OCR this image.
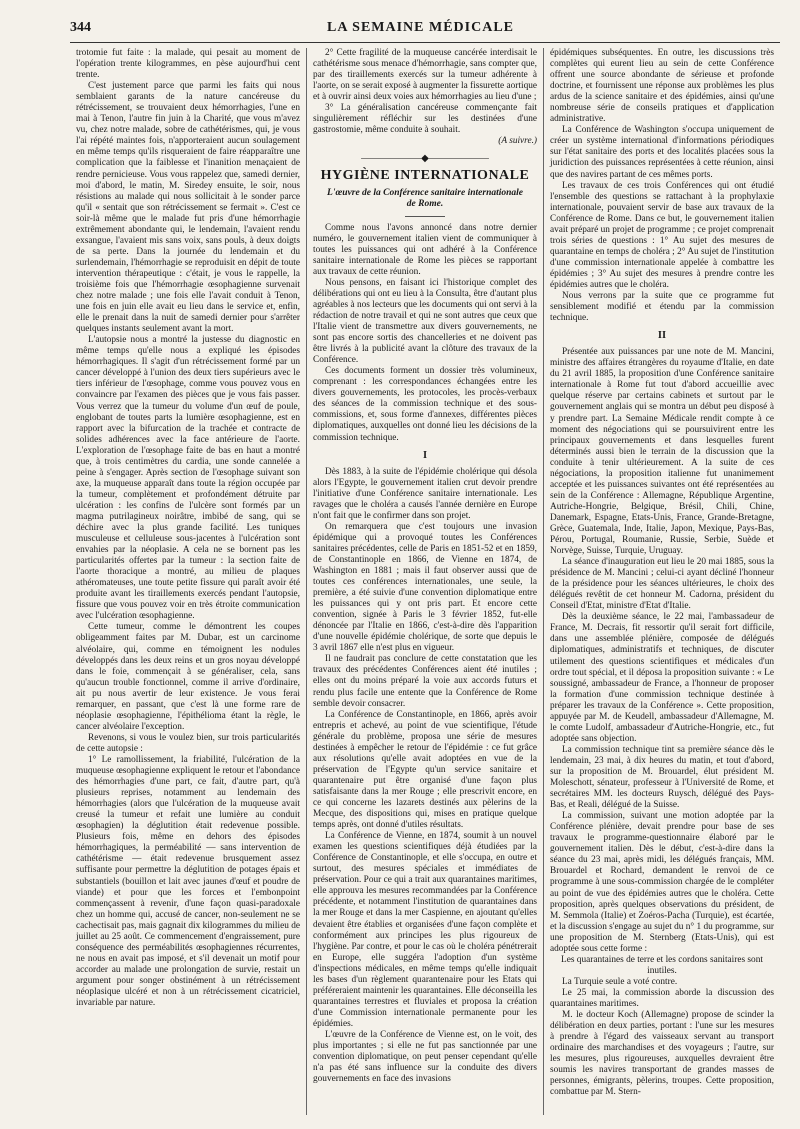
344	LA SEMAINE MÉDICALE

trotomie fut faite : la malade, qui pesait au moment de l'opération trente kilogrammes, en pèse aujourd'hui cent trente.

C'est justement parce que parmi les faits qui nous semblaient garants de la nature cancéreuse du rétrécissement, se trouvaient deux hémorrhagies, l'une en mai à Tenon, l'autre fin juin à la Charité, que vous m'avez vu, chez notre malade, sobre de cathétérismes, qui, je vous l'ai répété maintes fois, n'apporteraient aucun soulagement en même temps qu'ils risqueraient de faire réapparaître une complication que la faiblesse et l'inanition menaçaient de rendre pernicieuse. Vous vous rappelez que, samedi dernier, moi d'abord, le matin, M. Siredey ensuite, le soir, nous résistions au malade qui nous sollicitait à le sonder parce qu'il « sentait que son rétrécissement se fermait ». C'est ce soir-là même que le malade fut pris d'une hémorrhagie extrêmement abondante qui, le lendemain, l'avaient rendu exsangue, l'avaient mis sans voix, sans pouls, à deux doigts de sa perte. Dans la journée du lendemain et du surlendemain, l'hémorrhagie se reproduisit en dépit de toute intervention thérapeutique : c'était, je vous le rappelle, la troisième fois que l'hémorrhagie œsophagienne survenait chez notre malade ; une fois elle l'avait conduit à Tenon, une fois en juin elle avait eu lieu dans le service et, enfin, elle le prenait dans la nuit de samedi dernier pour s'arrêter quelques instants seulement avant la mort.

L'autopsie nous a montré la justesse du diagnostic en même temps qu'elle nous a expliqué les épisodes hémorrhagiques. Il s'agit d'un rétrécissement formé par un cancer développé à l'union des deux tiers supérieurs avec le tiers inférieur de l'œsophage, comme vous pouvez vous en convaincre par l'examen des pièces que je vous fais passer. Vous verrez que la tumeur du volume d'un œuf de poule, englobant de toutes parts la lumière œsophagienne, est en rapport avec la bifurcation de la trachée et contracte de solides adhérences avec la face antérieure de l'aorte. L'exploration de l'œsophage faite de bas en haut a montré que, à trois centimètres du cardia, une sonde cannelée a peine à s'engager. Après section de l'œsophage suivant son axe, la muqueuse apparaît dans toute la région occupée par la tumeur, complètement et profondément détruite par ulcération : les confins de l'ulcère sont formés par un magma putrilagineux noirâtre, imbibé de sang, qui se déchire avec la plus grande facilité. Les tuniques musculeuse et celluleuse sous-jacentes à l'ulcération sont envahies par la néoplasie. A cela ne se bornent pas les particularités offertes par la tumeur : la section faite de l'aorte thoracique a montré, au milieu de plaques athéromateuses, une toute petite fissure qui paraît avoir été produite avant les tiraillements exercés pendant l'autopsie, fissure que vous pouvez voir en très étroite communication avec l'ulcération œsophagienne.

Cette tumeur, comme le démontrent les coupes obligeamment faites par M. Dubar, est un carcinome alvéolaire, qui, comme en témoignent les nodules développés dans les deux reins et un gros noyau développé dans le foie, commençait à se généraliser, cela, sans qu'aucun trouble fonctionnel, comme il arrive d'ordinaire, ait pu nous avertir de leur existence. Je vous ferai remarquer, en passant, que c'est là une forme rare de néoplasie œsophagienne, l'épithélioma étant la règle, le cancer alvéolaire l'exception.

Revenons, si vous le voulez bien, sur trois particularités de cette autopsie :

1° Le ramollissement, la friabilité, l'ulcération de la muqueuse œsophagienne expliquent le retour et l'abondance des hémorrhagies d'une part, ce fait, d'autre part, qu'à plusieurs reprises, notamment au lendemain des hémorrhagies (alors que l'ulcération de la muqueuse avait creusé la tumeur et refait une lumière au conduit œsophagien) la déglutition était redevenue possible. Plusieurs fois, même en dehors des épisodes hémorrhagiques, la perméabilité — sans intervention de cathétérisme — était redevenue brusquement assez suffisante pour permettre la déglutition de potages épais et substantiels (bouillon et lait avec jaunes d'œuf et poudre de viande) et pour que les forces et l'embonpoint commençassent à revenir, d'une façon quasi-paradoxale chez un homme qui, accusé de cancer, non-seulement ne se cachectisait pas, mais gagnait dix kilogrammes du milieu de juillet au 25 août. Ce commencement d'engraissement, pure conséquence des perméabilités œsophagiennes récurrentes, ne nous en avait pas imposé, et s'il devenait un motif pour accorder au malade une prolongation de survie, restait un argument pour songer obstinément à un rétrécissement néoplasique ulcéré et non à un rétrécissement cicatriciel, invariable par nature.

2° Cette fragilité de la muqueuse cancérée interdisait le cathétérisme sous menace d'hémorrhagie, sans compter que, par des tiraillements exercés sur la tumeur adhérente à l'aorte, on se serait exposé à augmenter la fissurette aortique et à ouvrir ainsi deux voies aux hémorrhagies au lieu d'une ;

3° La généralisation cancéreuse commençante fait singulièrement réfléchir sur les destinées d'une gastrostomie, même conduite à souhait.

(A suivre.)

——————◆——————
HYGIÈNE INTERNATIONALE
L'œuvre de la Conférence sanitaire internationale de Rome.

Comme nous l'avons annoncé dans notre dernier numéro, le gouvernement italien vient de communiquer à toutes les puissances qui ont adhéré à la Conférence sanitaire internationale de Rome les pièces se rapportant aux travaux de cette réunion.

Nous pensons, en faisant ici l'historique complet des délibérations qui ont eu lieu à la Consulta, être d'autant plus agréables à nos lecteurs que les documents qui ont servi à la rédaction de notre travail et qui ne sont autres que ceux que l'Italie vient de transmettre aux divers gouvernements, ne sont pas encore sortis des chancelleries et ne doivent pas être livrés à la publicité avant la clôture des travaux de la Conférence.

Ces documents forment un dossier très volumineux, comprenant : les correspondances échangées entre les divers gouvernements, les protocoles, les procès-verbaux des séances de la commission technique et des sous-commissions, et, sous forme d'annexes, différentes pièces diplomatiques, auxquelles ont donné lieu les décisions de la commission technique.

I

Dès 1883, à la suite de l'épidémie cholérique qui désola alors l'Egypte, le gouvernement italien crut devoir prendre l'initiative d'une Conférence sanitaire internationale. Les ravages que le choléra a causés l'année dernière en Europe n'ont fait que le confirmer dans son projet.

On remarquera que c'est toujours une invasion épidémique qui a provoqué toutes les Conférences sanitaires précédentes, celle de Paris en 1851-52 et en 1859, de Constantinople en 1866, de Vienne en 1874, de Washington en 1881 ; mais il faut observer aussi que de toutes ces conférences internationales, une seule, la première, a été suivie d'une convention diplomatique entre les puissances qui y ont pris part. Et encore cette convention, signée à Paris le 3 février 1852, fut-elle dénoncée par l'Italie en 1866, c'est-à-dire dès l'apparition d'une nouvelle épidémie cholérique, de sorte que depuis le 3 avril 1867 elle n'est plus en vigueur.

Il ne faudrait pas conclure de cette constatation que les travaux des précédentes Conférences aient été inutiles ; elles ont du moins préparé la voie aux accords futurs et rendu plus facile une entente que la Conférence de Rome semble devoir consacrer.

La Conférence de Constantinople, en 1866, après avoir entrepris et achevé, au point de vue scientifique, l'étude générale du problème, proposa une série de mesures destinées à empêcher le retour de l'épidémie : ce fut grâce aux résolutions qu'elle avait adoptées en vue de la préservation de l'Egypte qu'un service sanitaire et quarantenaire put être organisé d'une façon plus satisfaisante dans la mer Rouge ; elle prescrivit encore, en ce qui concerne les lazarets destinés aux pèlerins de la Mecque, des dispositions qui, mises en pratique quelque temps après, ont donné d'utiles résultats.

La Conférence de Vienne, en 1874, soumit à un nouvel examen les questions scientifiques déjà étudiées par la Conférence de Constantinople, et elle s'occupa, en outre et surtout, des mesures spéciales et immédiates de préservation. Pour ce qui a trait aux quarantaines maritimes, elle approuva les mesures recommandées par la Conférence précédente, et notamment l'institution de quarantaines dans la mer Rouge et dans la mer Caspienne, en ajoutant qu'elles devaient être établies et organisées d'une façon complète et conformément aux principes les plus rigoureux de l'hygiène. Par contre, et pour le cas où le choléra pénétrerait en Europe, elle suggéra l'adoption d'un système d'inspections médicales, en même temps qu'elle indiquait les bases d'un règlement quarantenaire pour les Etats qui préféreraient maintenir les quarantaines. Elle déconseilla les quarantaines terrestres et fluviales et proposa la création d'une Commission internationale permanente pour les épidémies.

L'œuvre de la Conférence de Vienne est, on le voit, des plus importantes ; si elle ne fut pas sanctionnée par une convention diplomatique, on peut penser cependant qu'elle n'a pas été sans influence sur la conduite des divers gouvernements en face des invasions

épidémiques subséquentes. En outre, les discussions très complètes qui eurent lieu au sein de cette Conférence offrent une source abondante de sérieuse et profonde doctrine, et fournissent une réponse aux problèmes les plus ardus de la science sanitaire et des épidémies, ainsi qu'une nombreuse série de conseils pratiques et d'application administrative.

La Conférence de Washington s'occupa uniquement de créer un système international d'informations périodiques sur l'état sanitaire des ports et des localités placées sous la juridiction des puissances représentées à cette réunion, ainsi que des navires partant de ces mêmes ports.

Les travaux de ces trois Conférences qui ont étudié l'ensemble des questions se rattachant à la prophylaxie internationale, pouvaient servir de base aux travaux de la Conférence de Rome. Dans ce but, le gouvernement italien avait préparé un projet de programme ; ce projet comprenait trois séries de questions : 1° Au sujet des mesures de quarantaine en temps de choléra ; 2° Au sujet de l'institution d'une commission internationale appelée à combattre les épidémies ; 3° Au sujet des mesures à prendre contre les épidémies autres que le choléra.

Nous verrons par la suite que ce programme fut sensiblement modifié et étendu par la commission technique.

II

Présentée aux puissances par une note de M. Mancini, ministre des affaires étrangères du royaume d'Italie, en date du 21 avril 1885, la proposition d'une Conférence sanitaire internationale à Rome fut tout d'abord accueillie avec quelque réserve par certains cabinets et surtout par le gouvernement anglais qui se montra un début peu disposé à y prendre part. La Semaine Médicale rendit compte à ce moment des négociations qui se poursuivirent entre les principaux gouvernements et dans lesquelles furent déterminés aussi bien le terrain de la discussion que la conduite à tenir ultérieurement. A la suite de ces négociations, la proposition italienne fut unanimement acceptée et les puissances suivantes ont été représentées au sein de la Conférence : Allemagne, République Argentine, Autriche-Hongrie, Belgique, Brésil, Chili, Chine, Danemark, Espagne, Etats-Unis, France, Grande-Bretagne, Grèce, Guatemala, Inde, Italie, Japon, Mexique, Pays-Bas, Pérou, Portugal, Roumanie, Russie, Serbie, Suède et Norvège, Suisse, Turquie, Uruguay.

La séance d'inauguration eut lieu le 20 mai 1885, sous la présidence de M. Mancini ; celui-ci ayant décliné l'honneur de la présidence pour les séances ultérieures, le choix des délégués revêtit de cet honneur M. Cadorna, président du Conseil d'Etat, ministre d'Etat d'Italie.

Dès la deuxième séance, le 22 mai, l'ambassadeur de France, M. Decrais, fit ressortir qu'il serait fort difficile, dans une assemblée plénière, composée de délégués diplomatiques, administratifs et techniques, de discuter utilement des questions scientifiques et médicales d'un ordre tout spécial, et il déposa la proposition suivante : « Le soussigné, ambassadeur de France, a l'honneur de proposer la formation d'une commission technique destinée à préparer les travaux de la Conférence ». Cette proposition, appuyée par M. de Keudell, ambassadeur d'Allemagne, M. le comte Ludolf, ambassadeur d'Autriche-Hongrie, etc., fut adoptée sans objection.

La commission technique tint sa première séance dès le lendemain, 23 mai, à dix heures du matin, et tout d'abord, sur la proposition de M. Brouardel, élut président M. Moleschott, sénateur, professeur à l'Université de Rome, et secrétaires MM. les docteurs Ruysch, délégué des Pays-Bas, et Reali, délégué de la Suisse.

La commission, suivant une motion adoptée par la Conférence plénière, devait prendre pour base de ses travaux le programme-questionnaire élaboré par le gouvernement italien. Dès le début, c'est-à-dire dans la séance du 23 mai, après midi, les délégués français, MM. Brouardel et Rochard, demandent le renvoi de ce programme à une sous-commission chargée de le compléter au point de vue des épidémies autres que le choléra. Cette proposition, après quelques observations du président, de M. Semmola (Italie) et Zoéros-Pacha (Turquie), est écartée, et la discussion s'engage au sujet du n° 1 du programme, sur une proposition de M. Sternberg (Etats-Unis), qui est adoptée sous cette forme :

Les quarantaines de terre et les cordons sanitaires sont inutiles.

La Turquie seule a voté contre.

Le 25 mai, la commission aborde la discussion des quarantaines maritimes.

M. le docteur Koch (Allemagne) propose de scinder la délibération en deux parties, portant : l'une sur les mesures à prendre à l'égard des vaisseaux servant au transport ordinaire des marchandises et des voyageurs ; l'autre, sur les mesures, plus rigoureuses, auxquelles devraient être soumis les navires transportant de grandes masses de personnes, émigrants, pèlerins, troupes. Cette proposition, combattue par M. Stern-
